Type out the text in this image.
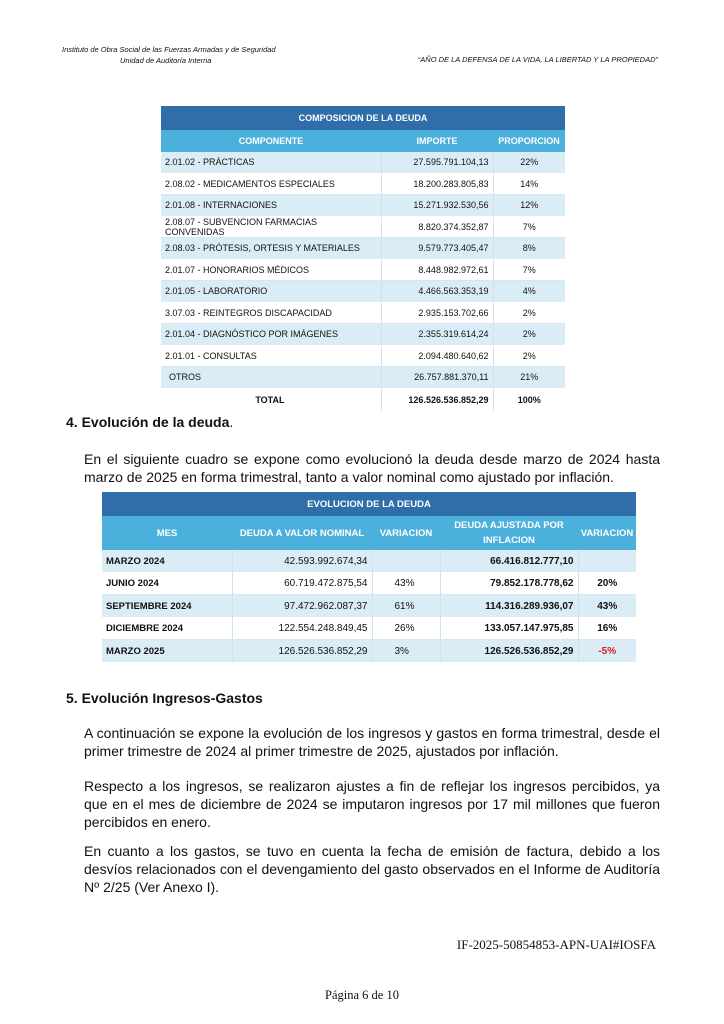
Instituto de Obra Social de las Fuerzas Armadas y de Seguridad
Unidad de Auditoría Interna	“AÑO DE LA DEFENSA DE LA VIDA, LA LIBERTAD Y LA PROPIEDAD”
COMPOSICION DE LA DEUDA		
COMPONENTE	IMPORTE	PROPORCION
2.01.02 - PRÁCTICAS	27.595.791.104,13	22%
2.08.02 - MEDICAMENTOS ESPECIALES	18.200.283.805,83	14%
2.01.08 - INTERNACIONES	15.271.932.530,56	12%
2.08.07 - SUBVENCION FARMACIAS CONVENIDAS	8.820.374.352,87	7%
2.08.03 - PRÓTESIS, ORTESIS Y MATERIALES	9.579.773.405,47	8%
2.01.07 - HONORARIOS MÉDICOS	8.448.982.972,61	7%
2.01.05 - LABORATORIO	4.466.563.353,19	4%
3.07.03 - REINTEGROS DISCAPACIDAD	2.935.153.702,66	2%
2.01.04 - DIAGNÓSTICO POR IMÁGENES	2.355.319.614,24	2%
2.01.01 - CONSULTAS	2.094.480.640,62	2%
OTROS	26.757.881.370,11	21%
TOTAL	126.526.536.852,29	100%
4. Evolución de la deuda.

En el siguiente cuadro se expone como evolucionó la deuda desde marzo de 2024 hasta marzo de 2025 en forma trimestral, tanto a valor nominal como ajustado por inflación.

EVOLUCION DE LA DEUDA				
MES	DEUDA A VALOR NOMINAL	VARIACION	DEUDA AJUSTADA POR INFLACION	VARIACION
MARZO 2024	42.593.992.674,34		66.416.812.777,10	
JUNIO 2024	60.719.472.875,54	43%	79.852.178.778,62	20%
SEPTIEMBRE 2024	97.472.962.087,37	61%	114.316.289.936,07	43%
DICIEMBRE 2024	122.554.248.849,45	26%	133.057.147.975,85	16%
MARZO 2025	126.526.536.852,29	3%	126.526.536.852,29	-5%
5. Evolución Ingresos-Gastos

A continuación se expone la evolución de los ingresos y gastos en forma trimestral, desde el primer trimestre de 2024 al primer trimestre de 2025, ajustados por inflación.

Respecto a los ingresos, se realizaron ajustes a fin de reflejar los ingresos percibidos, ya que en el mes de diciembre de 2024 se imputaron ingresos por 17 mil millones que fueron percibidos en enero.

En cuanto a los gastos, se tuvo en cuenta la fecha de emisión de factura, debido a los desvíos relacionados con el devengamiento del gasto observados en el Informe de Auditoría Nº 2/25 (Ver Anexo I).

IF-2025-50854853-APN-UAI#IOSFA
Página 6 de 10
